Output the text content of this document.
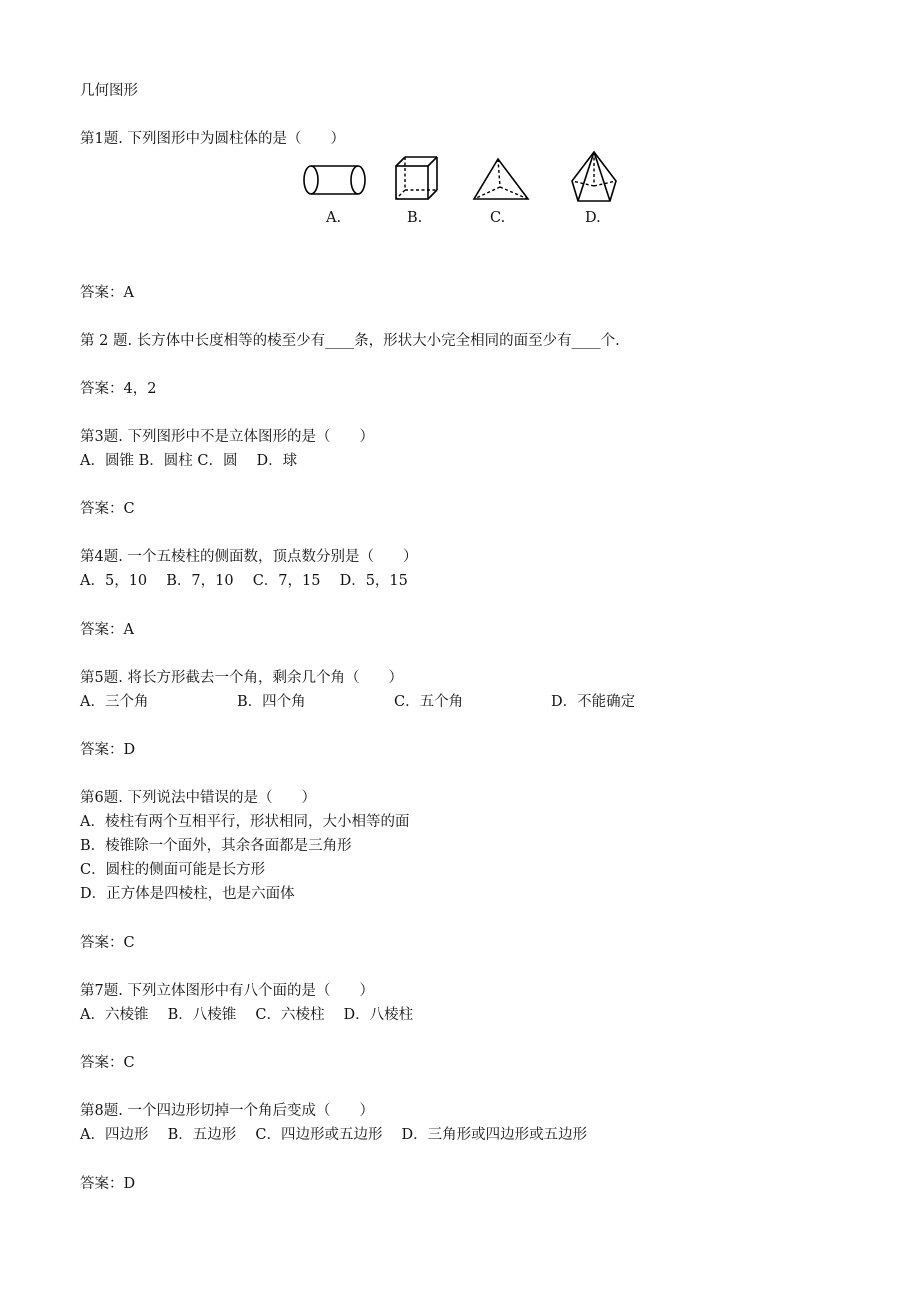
几何图形
第1题. 下列图形中为圆柱体的是（　　）
A.	B.	C.	D.
答案：A
第 2 题. 长方体中长度相等的棱至少有____条，形状大小完全相同的面至少有____个.
答案：4，2
第3题. 下列图形中不是立体图形的是（　　）
A．圆锥 B．圆柱 C．圆　 D．球
答案：C
第4题. 一个五棱柱的侧面数，顶点数分别是（　　）
A．5，10　 B．7，10　 C．7，15　 D．5，15
答案：A
第5题. 将长方形截去一个角，剩余几个角（　　）
A．三个角	B．四个角	C．五个角	D．不能确定
答案：D
第6题. 下列说法中错误的是（　　）
A．棱柱有两个互相平行，形状相同，大小相等的面
B．棱锥除一个面外，其余各面都是三角形
C．圆柱的侧面可能是长方形
D．正方体是四棱柱，也是六面体
答案：C
第7题. 下列立体图形中有八个面的是（　　）
A．六棱锥　 B．八棱锥　 C．六棱柱　 D．八棱柱
答案：C
第8题. 一个四边形切掉一个角后变成（　　）
A．四边形　 B．五边形　 C．四边形或五边形　 D．三角形或四边形或五边形
答案：D
